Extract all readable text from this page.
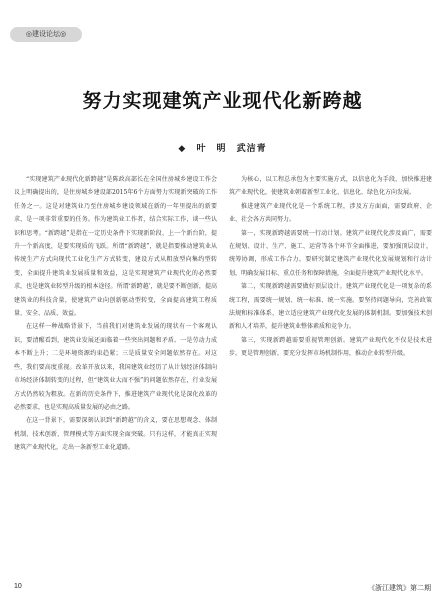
◎建设论坛◎
努力实现建筑产业现代化新跨越
◆ 叶　明 武洁青

“实现建筑产业现代化新跨越”是陈政高部长在全国住房城乡建设工作会议上明确提出的，是住房城乡建设部2015年6个方面努力实现新突破的工作任务之一。这是对建筑业乃至住房城乡建设领域在新的一年里提出的新要求，是一项非常重要的任务。作为建筑业工作者，结合实际工作，谈一些认识和思考。“新跨越”是指在一定历史条件下实现新阶段、上一个新台阶，提升一个新高度，是要实现质的飞跃。所谓“新跨越”，就是指要推动建筑业从传统生产方式向现代工业化生产方式转变，建设方式从粗放型向集约型转变，全面提升建筑业发展质量和效益，这是实现建筑产业现代化的必然要求，也是建筑业转型升级的根本途径。所谓‘新跨越’，就是要不断创新，提高建筑业的科技含量，使建筑产业向创新驱动型转变，全面提高建筑工程质量、安全、品质、效益。

在这样一种战略背景下，当前我们对建筑业发展的现状有一个客观认识，要清醒看到，建筑业发展还面临着一些突出问题和矛盾。一是劳动力成本不断上升；二是环境资源约束趋紧；三是质量安全问题依然存在。对这些，我们要高度重视。改革开放以来，我国建筑业经历了从计划经济体制向市场经济体制转变的过程，但“建筑业大而不强”的问题依然存在，行业发展方式仍然较为粗放。在新的历史条件下，推进建筑产业现代化是深化改革的必然要求，也是实现高质量发展的必由之路。

在这一背景下，需要深刻认识到“新跨越”的含义，要在思想观念、体制机制、技术创新、管理模式等方面实现全面突破。只有这样，才能真正实现建筑产业现代化，走出一条新型工业化道路。

为核心，以工程总承包为主要实施方式，以信息化为手段，加快推进建筑产业现代化，使建筑业朝着新型工业化、信息化、绿色化方向发展。

推进建筑产业现代化是一个系统工程，涉及方方面面，需要政府、企业、社会各方共同努力。

第一，实现新跨越需要统一行动计划。建筑产业现代化涉及面广，需要在规划、设计、生产、施工、运营等各个环节全面推进，要加强顶层设计，统筹协调，形成工作合力。要研究制定建筑产业现代化发展规划和行动计划，明确发展目标、重点任务和保障措施，全面提升建筑产业现代化水平。

第二，实现新跨越需要做好顶层设计。建筑产业现代化是一项复杂的系统工程，需要统一规划、统一标准、统一实施。要坚持问题导向，完善政策法规和标准体系，建立适应建筑产业现代化发展的体制机制。要加强技术创新和人才培养，提升建筑业整体素质和竞争力。

第三，实现新跨越需要重视管理创新。建筑产业现代化不仅是技术进步，更是管理创新，要充分发挥市场机制作用，推动企业转型升级。

10	《浙江建筑》第二期
